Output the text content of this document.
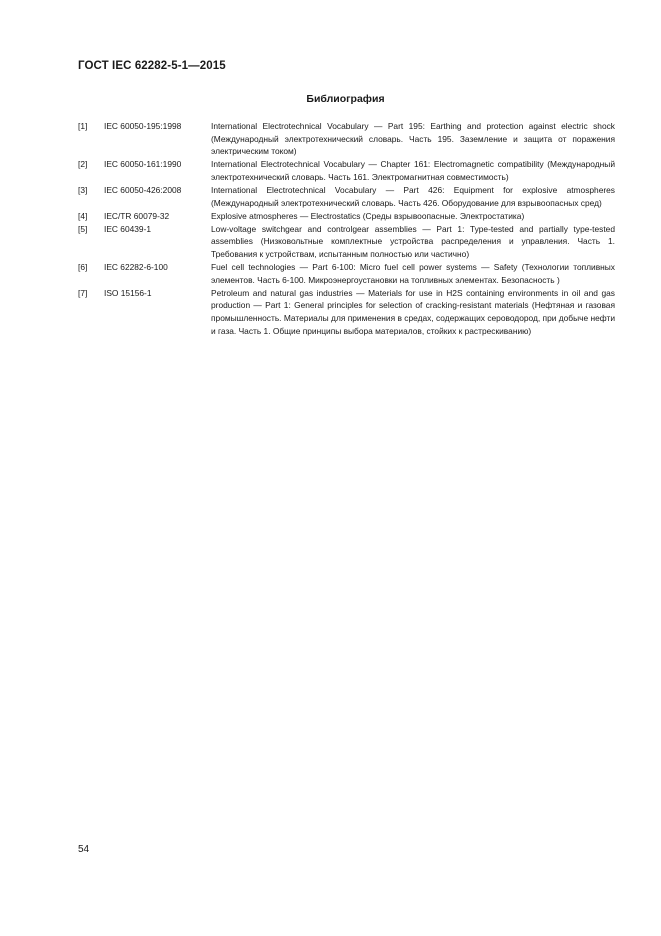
ГОСТ IEC 62282-5-1—2015
Библиография
[1]	IEC 60050-195:1998	International Electrotechnical Vocabulary — Part 195: Earthing and protection against electric shock (Международный электротехнический словарь. Часть 195. Заземление и защита от поражения электрическим током)
[2]	IEC 60050-161:1990	International Electrotechnical Vocabulary — Chapter 161: Electromagnetic compatibility (Международный электротехнический словарь. Часть 161. Электромагнитная совместимость)
[3]	IEC 60050-426:2008	International Electrotechnical Vocabulary — Part 426: Equipment for explosive atmospheres (Международный электротехнический словарь. Часть 426. Оборудование для взрывоопасных сред)
[4]	IEC/TR 60079-32	Explosive atmospheres — Electrostatics (Среды взрывоопасные. Электростатика)
[5]	IEC 60439-1	Low-voltage switchgear and controlgear assemblies — Part 1: Type-tested and partially type-tested assemblies (Низковольтные комплектные устройства распределения и управления. Часть 1. Требования к устройствам, испытанным полностью или частично)
[6]	IEC 62282-6-100	Fuel cell technologies — Part 6-100: Micro fuel cell power systems — Safety (Технологии топливных элементов. Часть 6-100. Микроэнергоустановки на топливных элементах. Безопасность )
[7]	ISO 15156-1	Petroleum and natural gas industries — Materials for use in H2S containing environments in oil and gas production — Part 1: General principles for selection of cracking-resistant materials (Нефтяная и газовая промышленность. Материалы для применения в средах, содержащих сероводород, при добыче нефти и газа. Часть 1. Общие принципы выбора материалов, стойких к растрескиванию)
54
